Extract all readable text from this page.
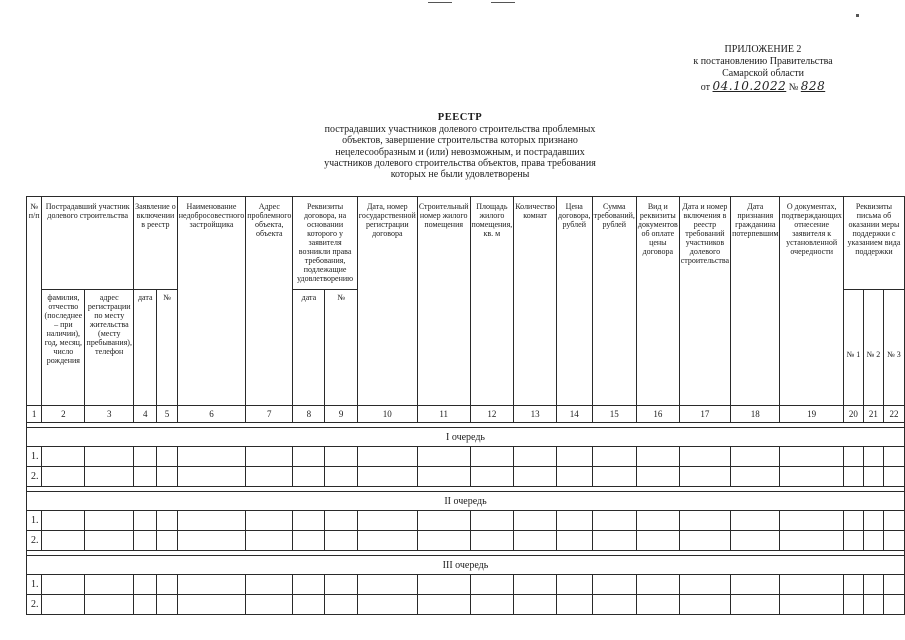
ПРИЛОЖЕНИЕ 2
к постановлению Правительства
Самарской области
от 04.10.2022 № 828
РЕЕСТР
пострадавших участников долевого строительства проблемных
объектов, завершение строительства которых признано
нецелесообразным и (или) невозможным, и пострадавших
участников долевого строительства объектов, права требования
которых не были удовлетворены
№ п/п	Пострадавший участник долевого строительства		Заявление о включении в реестр		Наименование недобросовестного застройщика	Адрес проблемного объекта, объекта	Реквизиты договора, на основании которого у заявителя возникли права требования, подлежащие удовлетворению		Дата, номер государственной регистрации договора	Строительный номер жилого помещения	Площадь жилого помещения, кв. м	Количество комнат	Цена договора, рублей	Сумма требований, рублей	Вид и реквизиты документов об оплате цены договора	Дата и номер включения в реестр требований участников долевого строительства	Дата признания гражданина потерпевшим	О документах, подтверждающих отнесение заявителя к установленной очередности	Реквизиты письма об оказании меры поддержки с указанием вида поддержки		
	фамилия, отчество (последнее – при наличии), год, месяц, число рождения	адрес регистрации по месту жительства (месту пребывания), телефон	дата	№			дата	№											№ 1	№ 2	№ 3
1	2	3	4	5	6	7	8	9	10	11	12	13	14	15	16	17	18	19	20	21	22

I очередь																					
1.																					
2.																					

II очередь																					
1.																					
2.																					

III очередь																					
1.																					
2.																					
